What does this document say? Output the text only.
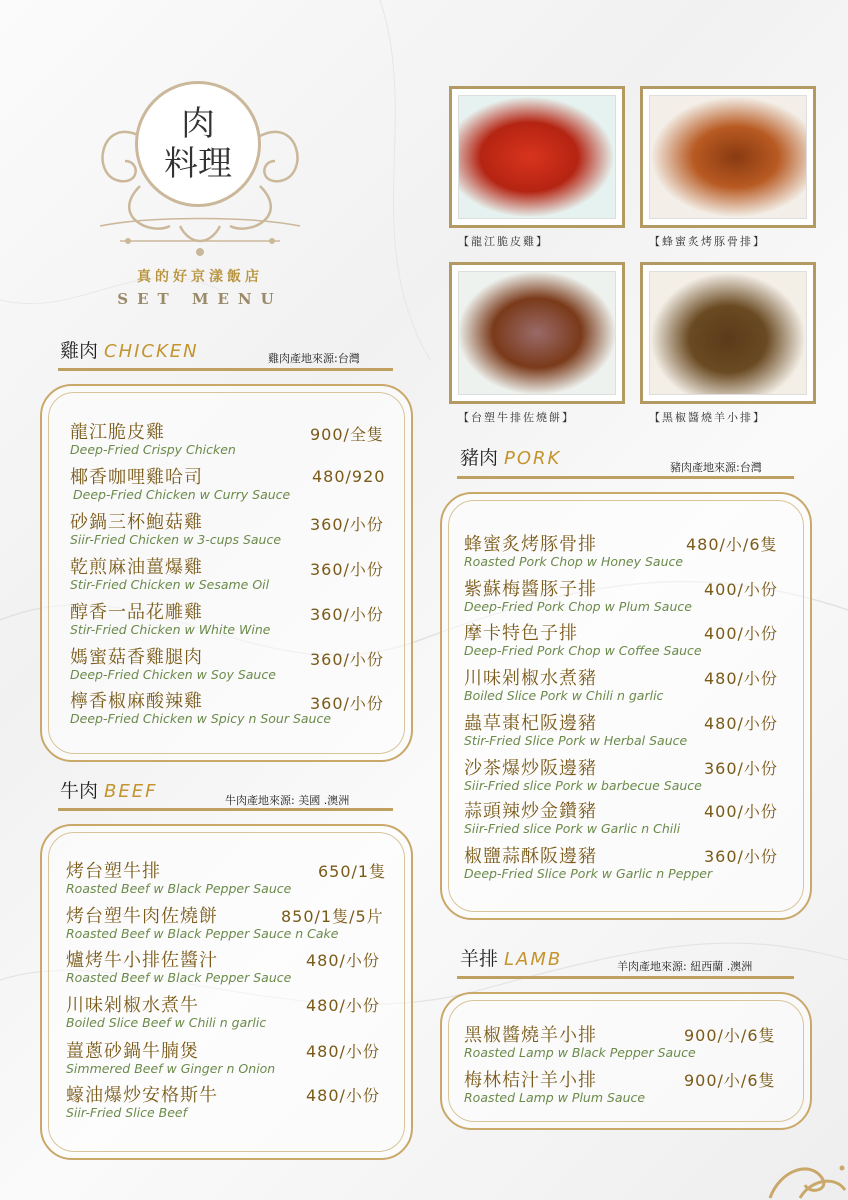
肉
料理
真的好京漾飯店
SET MENU
【龍江脆皮雞】	【蜂蜜炙烤豚骨排】
【台塑牛排佐燒餅】	【黑椒醬燒羊小排】
雞肉 CHICKEN	雞肉產地來源:台灣
龍江脆皮雞
Deep-Fried Crispy Chicken
900/全隻
椰香咖哩雞哈司
Deep-Fried Chicken w Curry Sauce
480/920
砂鍋三杯鮑菇雞
Siir-Fried Chicken w 3-cups Sauce
360/小份
乾煎麻油薑爆雞
Stir-Fried Chicken w Sesame Oil
360/小份
醇香一品花雕雞
Stir-Fried Chicken w White Wine
360/小份
媽蜜菇香雞腿肉
Deep-Fried Chicken w Soy Sauce
360/小份
檸香椒麻酸辣雞
Deep-Fried Chicken w Spicy n Sour Sauce
360/小份
牛肉 BEEF	牛肉產地來源: 美國 .澳洲
烤台塑牛排
Roasted Beef w Black Pepper Sauce
650/1隻
烤台塑牛肉佐燒餅
Roasted Beef w Black Pepper Sauce n Cake
850/1隻/5片
爐烤牛小排佐醬汁
Roasted Beef w Black Pepper Sauce
480/小份
川味剁椒水煮牛
Boiled Slice Beef w Chili n garlic
480/小份
薑蔥砂鍋牛腩煲
Simmered Beef w Ginger n Onion
480/小份
蠔油爆炒安格斯牛
Siir-Fried Slice Beef
480/小份
豬肉 PORK	豬肉產地來源:台灣
蜂蜜炙烤豚骨排
Roasted Pork Chop w Honey Sauce
480/小/6隻
紫蘇梅醬豚子排
Deep-Fried Pork Chop w Plum Sauce
400/小份
摩卡特色子排
Deep-Fried Pork Chop w Coffee Sauce
400/小份
川味剁椒水煮豬
Boiled Slice Pork w Chili n garlic
480/小份
蟲草棗杞阪邊豬
Stir-Fried Slice Pork w Herbal Sauce
480/小份
沙茶爆炒阪邊豬
Siir-Fried slice Pork w barbecue Sauce
360/小份
蒜頭辣炒金鑽豬
Siir-Fried slice Pork w Garlic n Chili
400/小份
椒鹽蒜酥阪邊豬
Deep-Fried Slice Pork w Garlic n Pepper
360/小份
羊排 LAMB	羊肉產地來源: 紐西蘭 .澳洲
黑椒醬燒羊小排
Roasted Lamp w Black Pepper Sauce
900/小/6隻
梅林桔汁羊小排
Roasted Lamp w Plum Sauce
900/小/6隻
